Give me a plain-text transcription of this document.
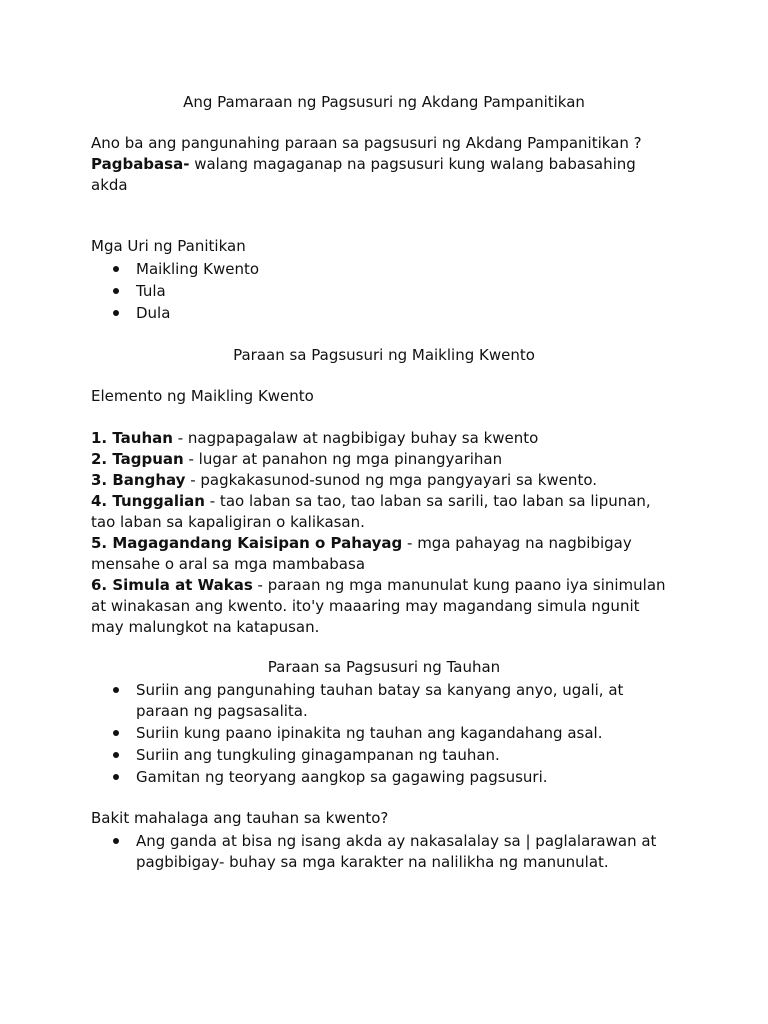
Ang Pamaraan ng Pagsusuri ng Akdang Pampanitikan
Ano ba ang pangunahing paraan sa pagsusuri ng Akdang Pampanitikan ?
Pagbabasa- walang magaganap na pagsusuri kung walang babasahing
akda
Mga Uri ng Panitikan
Maikling Kwento
Tula
Dula
Paraan sa Pagsusuri ng Maikling Kwento
Elemento ng Maikling Kwento
1. Tauhan - nagpapagalaw at nagbibigay buhay sa kwento
2. Tagpuan - lugar at panahon ng mga pinangyarihan
3. Banghay - pagkakasunod-sunod ng mga pangyayari sa kwento.
4. Tunggalian - tao laban sa tao, tao laban sa sarili, tao laban sa lipunan,
tao laban sa kapaligiran o kalikasan.
5. Magagandang Kaisipan o Pahayag - mga pahayag na nagbibigay
mensahe o aral sa mga mambabasa
6. Simula at Wakas - paraan ng mga manunulat kung paano iya sinimulan
at winakasan ang kwento. ito'y maaaring may magandang simula ngunit
may malungkot na katapusan.
Paraan sa Pagsusuri ng Tauhan
Suriin ang pangunahing tauhan batay sa kanyang anyo, ugali, at
paraan ng pagsasalita.
Suriin kung paano ipinakita ng tauhan ang kagandahang asal.
Suriin ang tungkuling ginagampanan ng tauhan.
Gamitan ng teoryang aangkop sa gagawing pagsusuri.
Bakit mahalaga ang tauhan sa kwento?
Ang ganda at bisa ng isang akda ay nakasalalay sa | paglalarawan at
pagbibigay- buhay sa mga karakter na nalilikha ng manunulat.
